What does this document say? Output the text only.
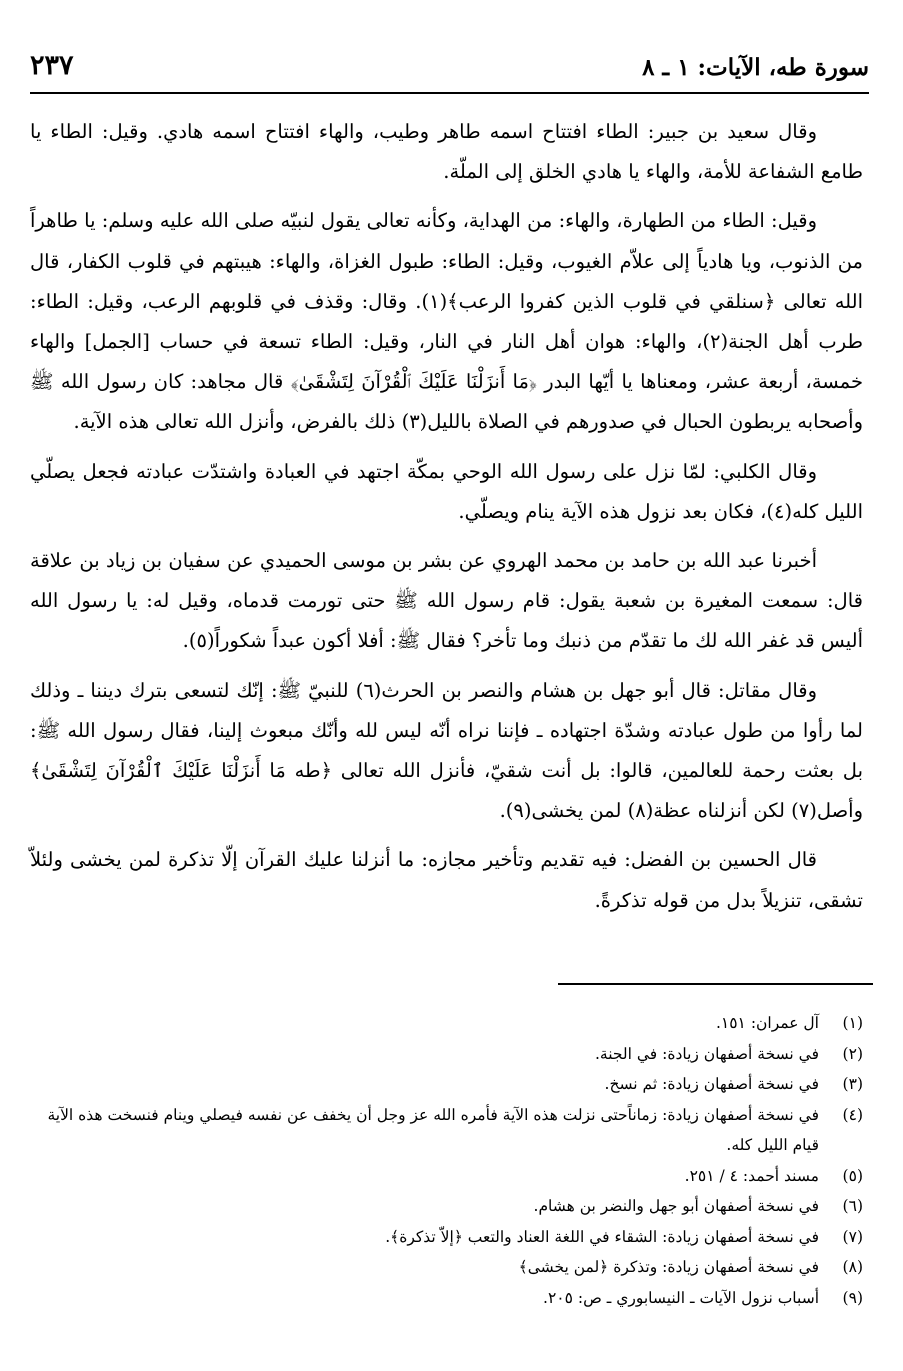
سورة طه، الآيات: ١ ـ ٨
٢٣٧

وقال سعيد بن جبير: الطاء افتتاح اسمه طاهر وطيب، والهاء افتتاح اسمه هادي. وقيل: الطاء يا طامع الشفاعة للأمة، والهاء يا هادي الخلق إلى الملّة.

وقيل: الطاء من الطهارة، والهاء: من الهداية، وكأنه تعالى يقول لنبيّه صلى الله عليه وسلم: يا طاهراً من الذنوب، ويا هادياً إلى علاّم الغيوب، وقيل: الطاء: طبول الغزاة، والهاء: هيبتهم في قلوب الكفار، قال الله تعالى ﴿سنلقي في قلوب الذين كفروا الرعب﴾(١). وقال: وقذف في قلوبهم الرعب، وقيل: الطاء: طرب أهل الجنة(٢)، والهاء: هوان أهل النار في النار، وقيل: الطاء تسعة في حساب [الجمل] والهاء خمسة، أربعة عشر، ومعناها يا أيّها البدر ﴿مَا أَنزَلْنَا عَلَيْكَ ٱلْقُرْآنَ لِتَشْقَىٰ﴾ قال مجاهد: كان رسول الله ﷺ وأصحابه يربطون الحبال في صدورهم في الصلاة بالليل(٣) ذلك بالفرض، وأنزل الله تعالى هذه الآية.

وقال الكلبي: لمّا نزل على رسول الله الوحي بمكّة اجتهد في العبادة واشتدّت عبادته فجعل يصلّي الليل كله(٤)، فكان بعد نزول هذه الآية ينام ويصلّي.

أخبرنا عبد الله بن حامد بن محمد الهروي عن بشر بن موسى الحميدي عن سفيان بن زياد بن علاقة قال: سمعت المغيرة بن شعبة يقول: قام رسول الله ﷺ حتى تورمت قدماه، وقيل له: يا رسول الله أليس قد غفر الله لك ما تقدّم من ذنبك وما تأخر؟ فقال ﷺ: أفلا أكون عبداً شكوراً(٥).

وقال مقاتل: قال أبو جهل بن هشام والنصر بن الحرث(٦) للنبيّ ﷺ: إنّك لتسعى بترك ديننا ـ وذلك لما رأوا من طول عبادته وشدّة اجتهاده ـ فإننا نراه أنّه ليس لله وأنّك مبعوث إلينا، فقال رسول الله ﷺ: بل بعثت رحمة للعالمين، قالوا: بل أنت شقيّ، فأنزل الله تعالى ﴿طه مَا أَنزَلْنَا عَلَيْكَ ٱلْقُرْآنَ لِتَشْقَىٰ﴾ وأصل(٧) لكن أنزلناه عظة(٨) لمن يخشى(٩).

قال الحسين بن الفضل: فيه تقديم وتأخير مجازه: ما أنزلنا عليك القرآن إلّا تذكرة لمن يخشى ولئلاّ تشقى، تنزيلاً بدل من قوله تذكرةً.

(١)
آل عمران: ١٥١.
(٢)
في نسخة أصفهان زيادة: في الجنة.
(٣)
في نسخة أصفهان زيادة: ثم نسخ.
(٤)
في نسخة أصفهان زيادة: زماناًحتى نزلت هذه الآية فأمره الله عز وجل أن يخفف عن نفسه فيصلي وينام فنسخت هذه الآية قيام الليل كله.
(٥)
مسند أحمد: ٤ / ٢٥١.
(٦)
في نسخة أصفهان أبو جهل والنضر بن هشام.
(٧)
في نسخة أصفهان زيادة: الشقاء في اللغة العناد والتعب ﴿إلاّ تذكرة﴾.
(٨)
في نسخة أصفهان زيادة: وتذكرة ﴿لمن يخشى﴾
(٩)
أسباب نزول الآيات ـ النيسابوري ـ ص: ٢٠٥.
